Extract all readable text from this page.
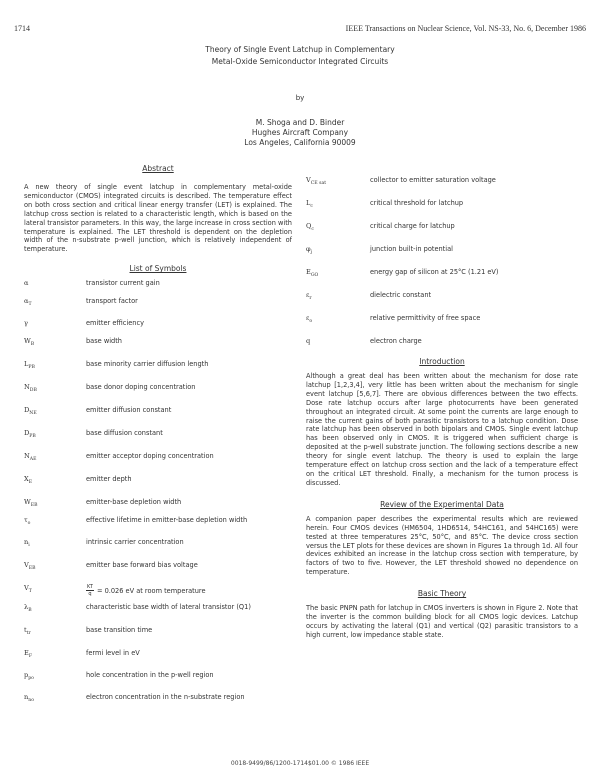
1714	IEEE Transactions on Nuclear Science, Vol. NS-33, No. 6, December 1986
Theory of Single Event Latchup in Complementary
Metal-Oxide Semiconductor Integrated Circuits
by
M. Shoga and D. Binder
Hughes Aircraft Company
Los Angeles, California 90009
Abstract

A new theory of single event latchup in complementary metal-oxide semiconductor (CMOS) integrated circuits is described. The temperature effect on both cross section and critical linear energy transfer (LET) is explained. The latchup cross section is related to a characteristic length, which is based on the lateral transistor parameters. In this way, the large increase in cross section with temperature is explained. The LET threshold is dependent on the depletion width of the n-substrate p-well junction, which is relatively independent of temperature.

List of Symbols
α	transistor current gain
$\alpha_T$	transport factor
γ	emitter efficiency
$W_B$	base width
$L_{PB}$	base minority carrier diffusion length
$N_{DB}$	base donor doping concentration
$D_{NE}$	emitter diffusion constant
$D_{PB}$	base diffusion constant
$N_{AE}$	emitter acceptor doping concentration
$X_E$	emitter depth
$W_{EB}$	emitter-base depletion width
$\tau_o$	effective lifetime in emitter-base depletion width
$n_i$	intrinsic carrier concentration
$V_{EB}$	emitter base forward bias voltage
$V_T$	$\frac{KT}{q} = 0.026$ eV at room temperature
$\lambda_B$	characteristic base width of lateral transistor (Q1)
$t_{tr}$	base transition time
$E_F$	fermi level in eV
$p_{po}$	hole concentration in the p-well region
$n_{no}$	electron concentration in the n-substrate region
$V_{CE sat}$	collector to emitter saturation voltage
$L_c$	critical threshold for latchup
$Q_c$	critical charge for latchup
$\varphi_j$	junction built-in potential
$E_{GO}$	energy gap of silicon at 25°C (1.21 eV)
$\varepsilon_r$	dielectric constant
$\varepsilon_o$	relative permittivity of free space
q	electron charge
Introduction

Although a great deal has been written about the mechanism for dose rate latchup [1,2,3,4], very little has been written about the mechanism for single event latchup [5,6,7]. There are obvious differences between the two effects. Dose rate latchup occurs after large photocurrents have been generated throughout an integrated circuit. At some point the currents are large enough to raise the current gains of both parasitic transistors to a latchup condition. Dose rate latchup has been observed in both bipolars and CMOS. Single event latchup has been observed only in CMOS. It is triggered when sufficient charge is deposited at the p-well substrate junction. The following sections describe a new theory for single event latchup. The theory is used to explain the large temperature effect on latchup cross section and the lack of a temperature effect on the critical LET threshold. Finally, a mechanism for the turnon process is discussed.

Review of the Experimental Data

A companion paper describes the experimental results which are reviewed herein. Four CMOS devices (HM6504, 1HD6514, 54HC161, and 54HC165) were tested at three temperatures 25°C, 50°C, and 85°C. The device cross section versus the LET plots for these devices are shown in Figures 1a through 1d. All four devices exhibited an increase in the latchup cross section with temperature, by factors of two to five. However, the LET threshold showed no dependence on temperature.

Basic Theory

The basic PNPN path for latchup in CMOS inverters is shown in Figure 2. Note that the inverter is the common building block for all CMOS logic devices. Latchup occurs by activating the lateral (Q1) and vertical (Q2) parasitic transistors to a high current, low impedance stable state.

0018-9499/86/1200-1714$01.00 © 1986 IEEE
